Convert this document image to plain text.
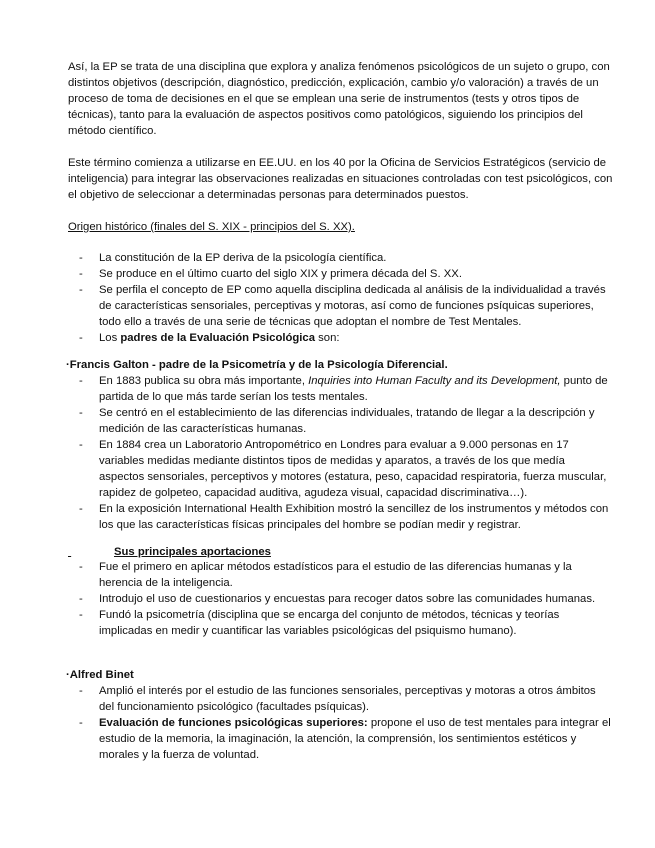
Así, la EP se trata de una disciplina que explora y analiza fenómenos psicológicos de un sujeto o grupo, con distintos objetivos (descripción, diagnóstico, predicción, explicación, cambio y/o valoración) a través de un proceso de toma de decisiones en el que se emplean una serie de instrumentos (tests y otros tipos de técnicas), tanto para la evaluación de aspectos positivos como patológicos, siguiendo los principios del método científico.

Este término comienza a utilizarse en EE.UU. en los 40 por la Oficina de Servicios Estratégicos (servicio de inteligencia) para integrar las observaciones realizadas en situaciones controladas con test psicológicos, con el objetivo de seleccionar a determinadas personas para determinados puestos.

Origen histórico (finales del S. XIX - principios del S. XX).

- La constitución de la EP deriva de la psicología científica.
- Se produce en el último cuarto del siglo XIX y primera década del S. XX.
- Se perfila el concepto de EP como aquella disciplina dedicada al análisis de la individualidad a través de características sensoriales, perceptivas y motoras, así como de funciones psíquicas superiores, todo ello a través de una serie de técnicas que adoptan el nombre de Test Mentales.
- Los padres de la Evaluación Psicológica son:

·Francis Galton - padre de la Psicometría y de la Psicología Diferencial.

- En 1883 publica su obra más importante, Inquiries into Human Faculty and its Development, punto de partida de lo que más tarde serían los tests mentales.
- Se centró en el establecimiento de las diferencias individuales, tratando de llegar a la descripción y medición de las características humanas.
- En 1884 crea un Laboratorio Antropométrico en Londres para evaluar a 9.000 personas en 17 variables medidas mediante distintos tipos de medidas y aparatos, a través de los que medía aspectos sensoriales, perceptivos y motores (estatura, peso, capacidad respiratoria, fuerza muscular, rapidez de golpeteo, capacidad auditiva, agudeza visual, capacidad discriminativa…).
- En la exposición International Health Exhibition mostró la sencillez de los instrumentos y métodos con los que las características físicas principales del hombre se podían medir y registrar.

Sus principales aportaciones

- Fue el primero en aplicar métodos estadísticos para el estudio de las diferencias humanas y la herencia de la inteligencia.
- Introdujo el uso de cuestionarios y encuestas para recoger datos sobre las comunidades humanas.
- Fundó la psicometría (disciplina que se encarga del conjunto de métodos, técnicas y teorías implicadas en medir y cuantificar las variables psicológicas del psiquismo humano).

·Alfred Binet

- Amplió el interés por el estudio de las funciones sensoriales, perceptivas y motoras a otros ámbitos del funcionamiento psicológico (facultades psíquicas).
- Evaluación de funciones psicológicas superiores: propone el uso de test mentales para integrar el estudio de la memoria, la imaginación, la atención, la comprensión, los sentimientos estéticos y morales y la fuerza de voluntad.
